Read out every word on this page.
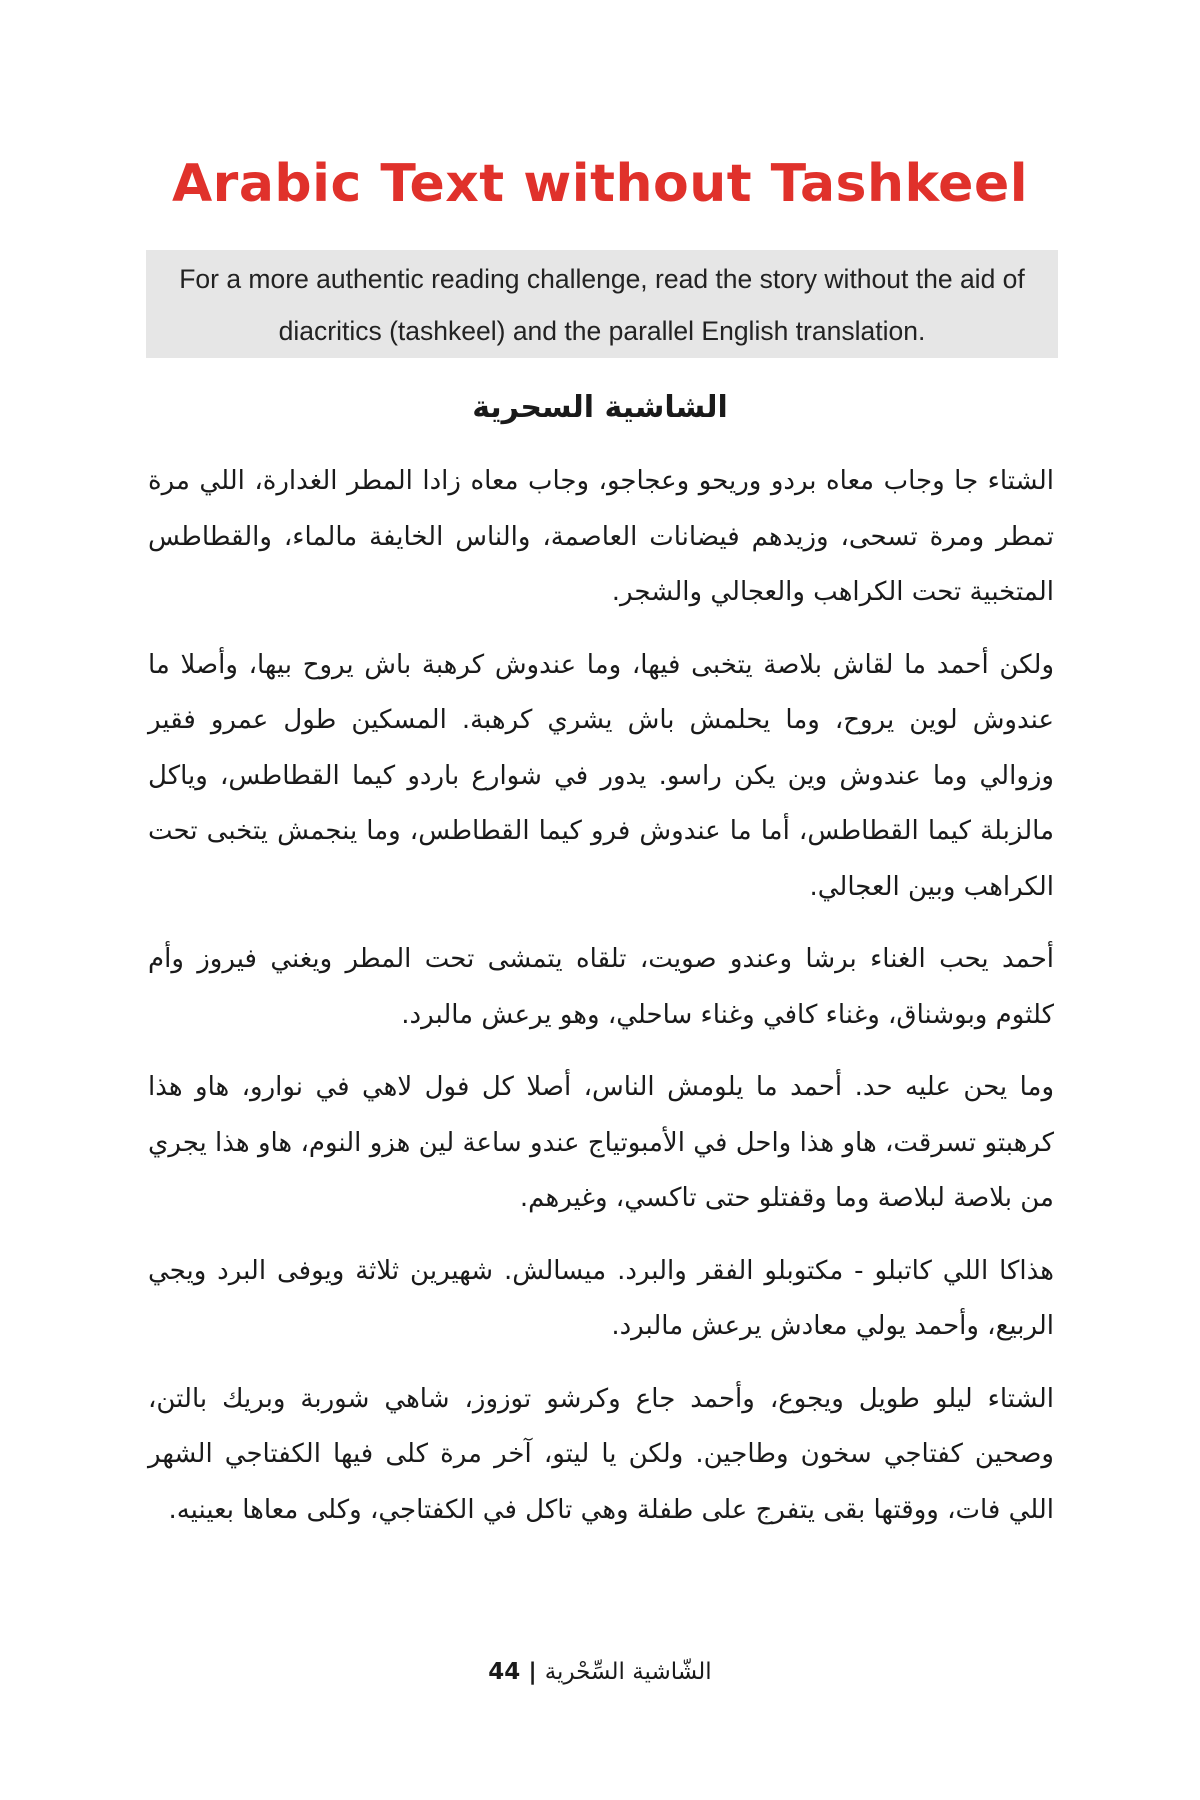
Arabic Text without Tashkeel
For a more authentic reading challenge, read the story without the aid of diacritics (tashkeel) and the parallel English translation.
الشاشية السحرية

الشتاء جا وجاب معاه بردو وريحو وعجاجو، وجاب معاه زادا المطر الغدارة، اللي مرة تمطر ومرة تسحى، وزيدهم فيضانات العاصمة، والناس الخايفة مالماء، والقطاطس المتخبية تحت الكراهب والعجالي والشجر.

ولكن أحمد ما لقاش بلاصة يتخبى فيها، وما عندوش كرهبة باش يروح بيها، وأصلا ما عندوش لوين يروح، وما يحلمش باش يشري كرهبة. المسكين طول عمرو فقير وزوالي وما عندوش وين يكن راسو. يدور في شوارع باردو كيما القطاطس، وياكل مالزبلة كيما القطاطس، أما ما عندوش فرو كيما القطاطس، وما ينجمش يتخبى تحت الكراهب وبين العجالي.

أحمد يحب الغناء برشا وعندو صويت، تلقاه يتمشى تحت المطر ويغني فيروز وأم كلثوم وبوشناق، وغناء كافي وغناء ساحلي، وهو يرعش مالبرد.

وما يحن عليه حد. أحمد ما يلومش الناس، أصلا كل فول لاهي في نوارو، هاو هذا كرهبتو تسرقت، هاو هذا واحل في الأمبوتياج عندو ساعة لين هزو النوم، هاو هذا يجري من بلاصة لبلاصة وما وقفتلو حتى تاكسي، وغيرهم.

هذاكا اللي كاتبلو - مكتوبلو الفقر والبرد. ميسالش. شهيرين ثلاثة ويوفى البرد ويجي الربيع، وأحمد يولي معادش يرعش مالبرد.

الشتاء ليلو طويل ويجوع، وأحمد جاع وكرشو توزوز، شاهي شوربة وبريك بالتن، وصحين كفتاجي سخون وطاجين. ولكن يا ليتو، آخر مرة كلى فيها الكفتاجي الشهر اللي فات، ووقتها بقى يتفرج على طفلة وهي تاكل في الكفتاجي، وكلى معاها بعينيه.

الشّاشية السِّحْرية|44
